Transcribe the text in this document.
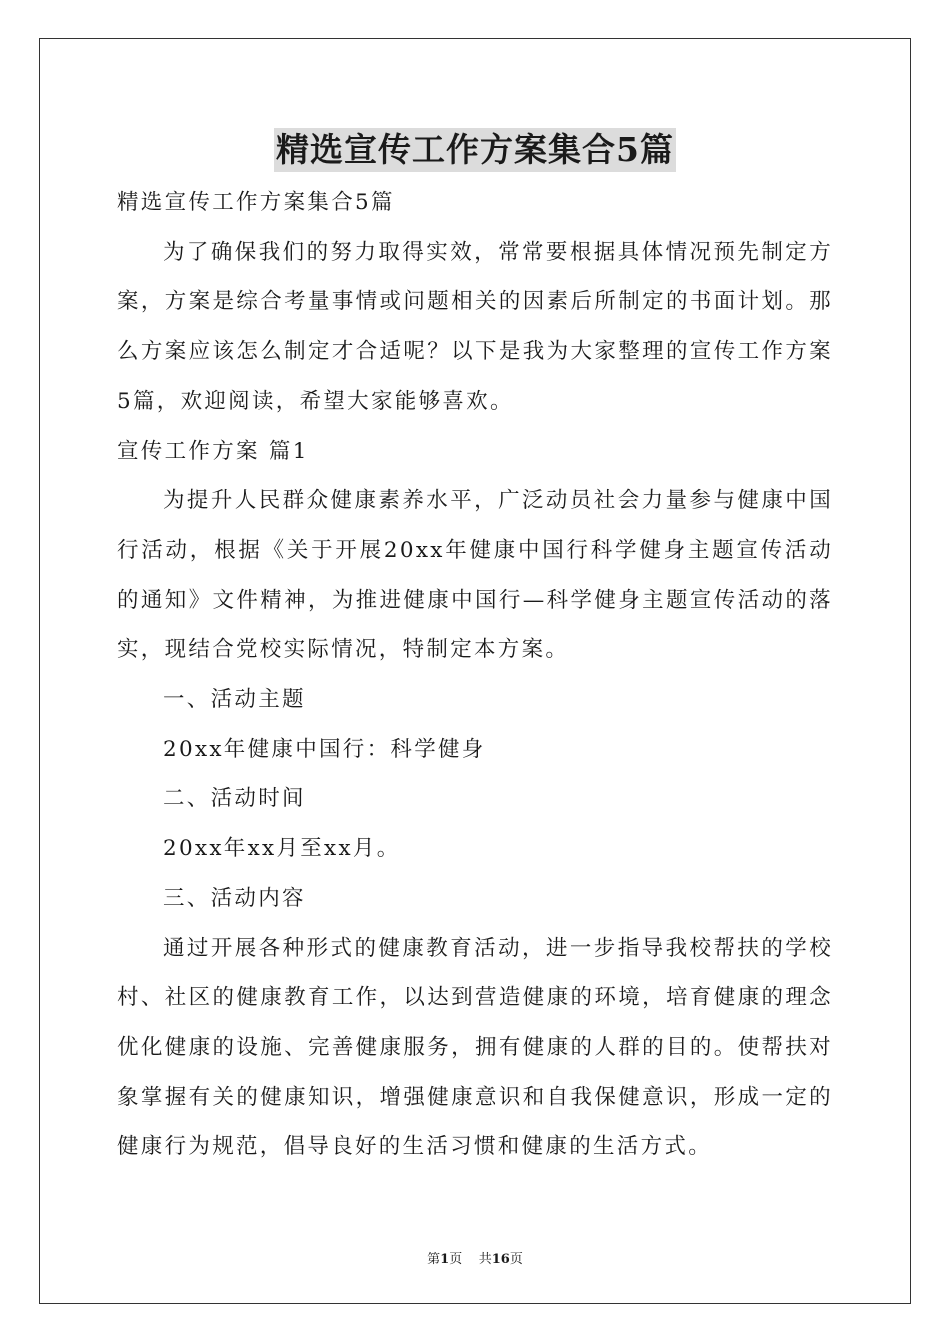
精选宣传工作方案集合5篇

精选宣传工作方案集合5篇

为了确保我们的努力取得实效，常常要根据具体情况预先制定方

案，方案是综合考量事情或问题相关的因素后所制定的书面计划。那

么方案应该怎么制定才合适呢？以下是我为大家整理的宣传工作方案

5篇，欢迎阅读，希望大家能够喜欢。

宣传工作方案 篇1

为提升人民群众健康素养水平，广泛动员社会力量参与健康中国

行活动，根据《关于开展20xx年健康中国行科学健身主题宣传活动

的通知》文件精神，为推进健康中国行—科学健身主题宣传活动的落

实，现结合党校实际情况，特制定本方案。

一、活动主题

20xx年健康中国行：科学健身

二、活动时间

20xx年xx月至xx月。

三、活动内容

通过开展各种形式的健康教育活动，进一步指导我校帮扶的学校

村、社区的健康教育工作，以达到营造健康的环境，培育健康的理念

优化健康的设施、完善健康服务，拥有健康的人群的目的。使帮扶对

象掌握有关的健康知识，增强健康意识和自我保健意识，形成一定的

健康行为规范，倡导良好的生活习惯和健康的生活方式。

第1页 共16页
